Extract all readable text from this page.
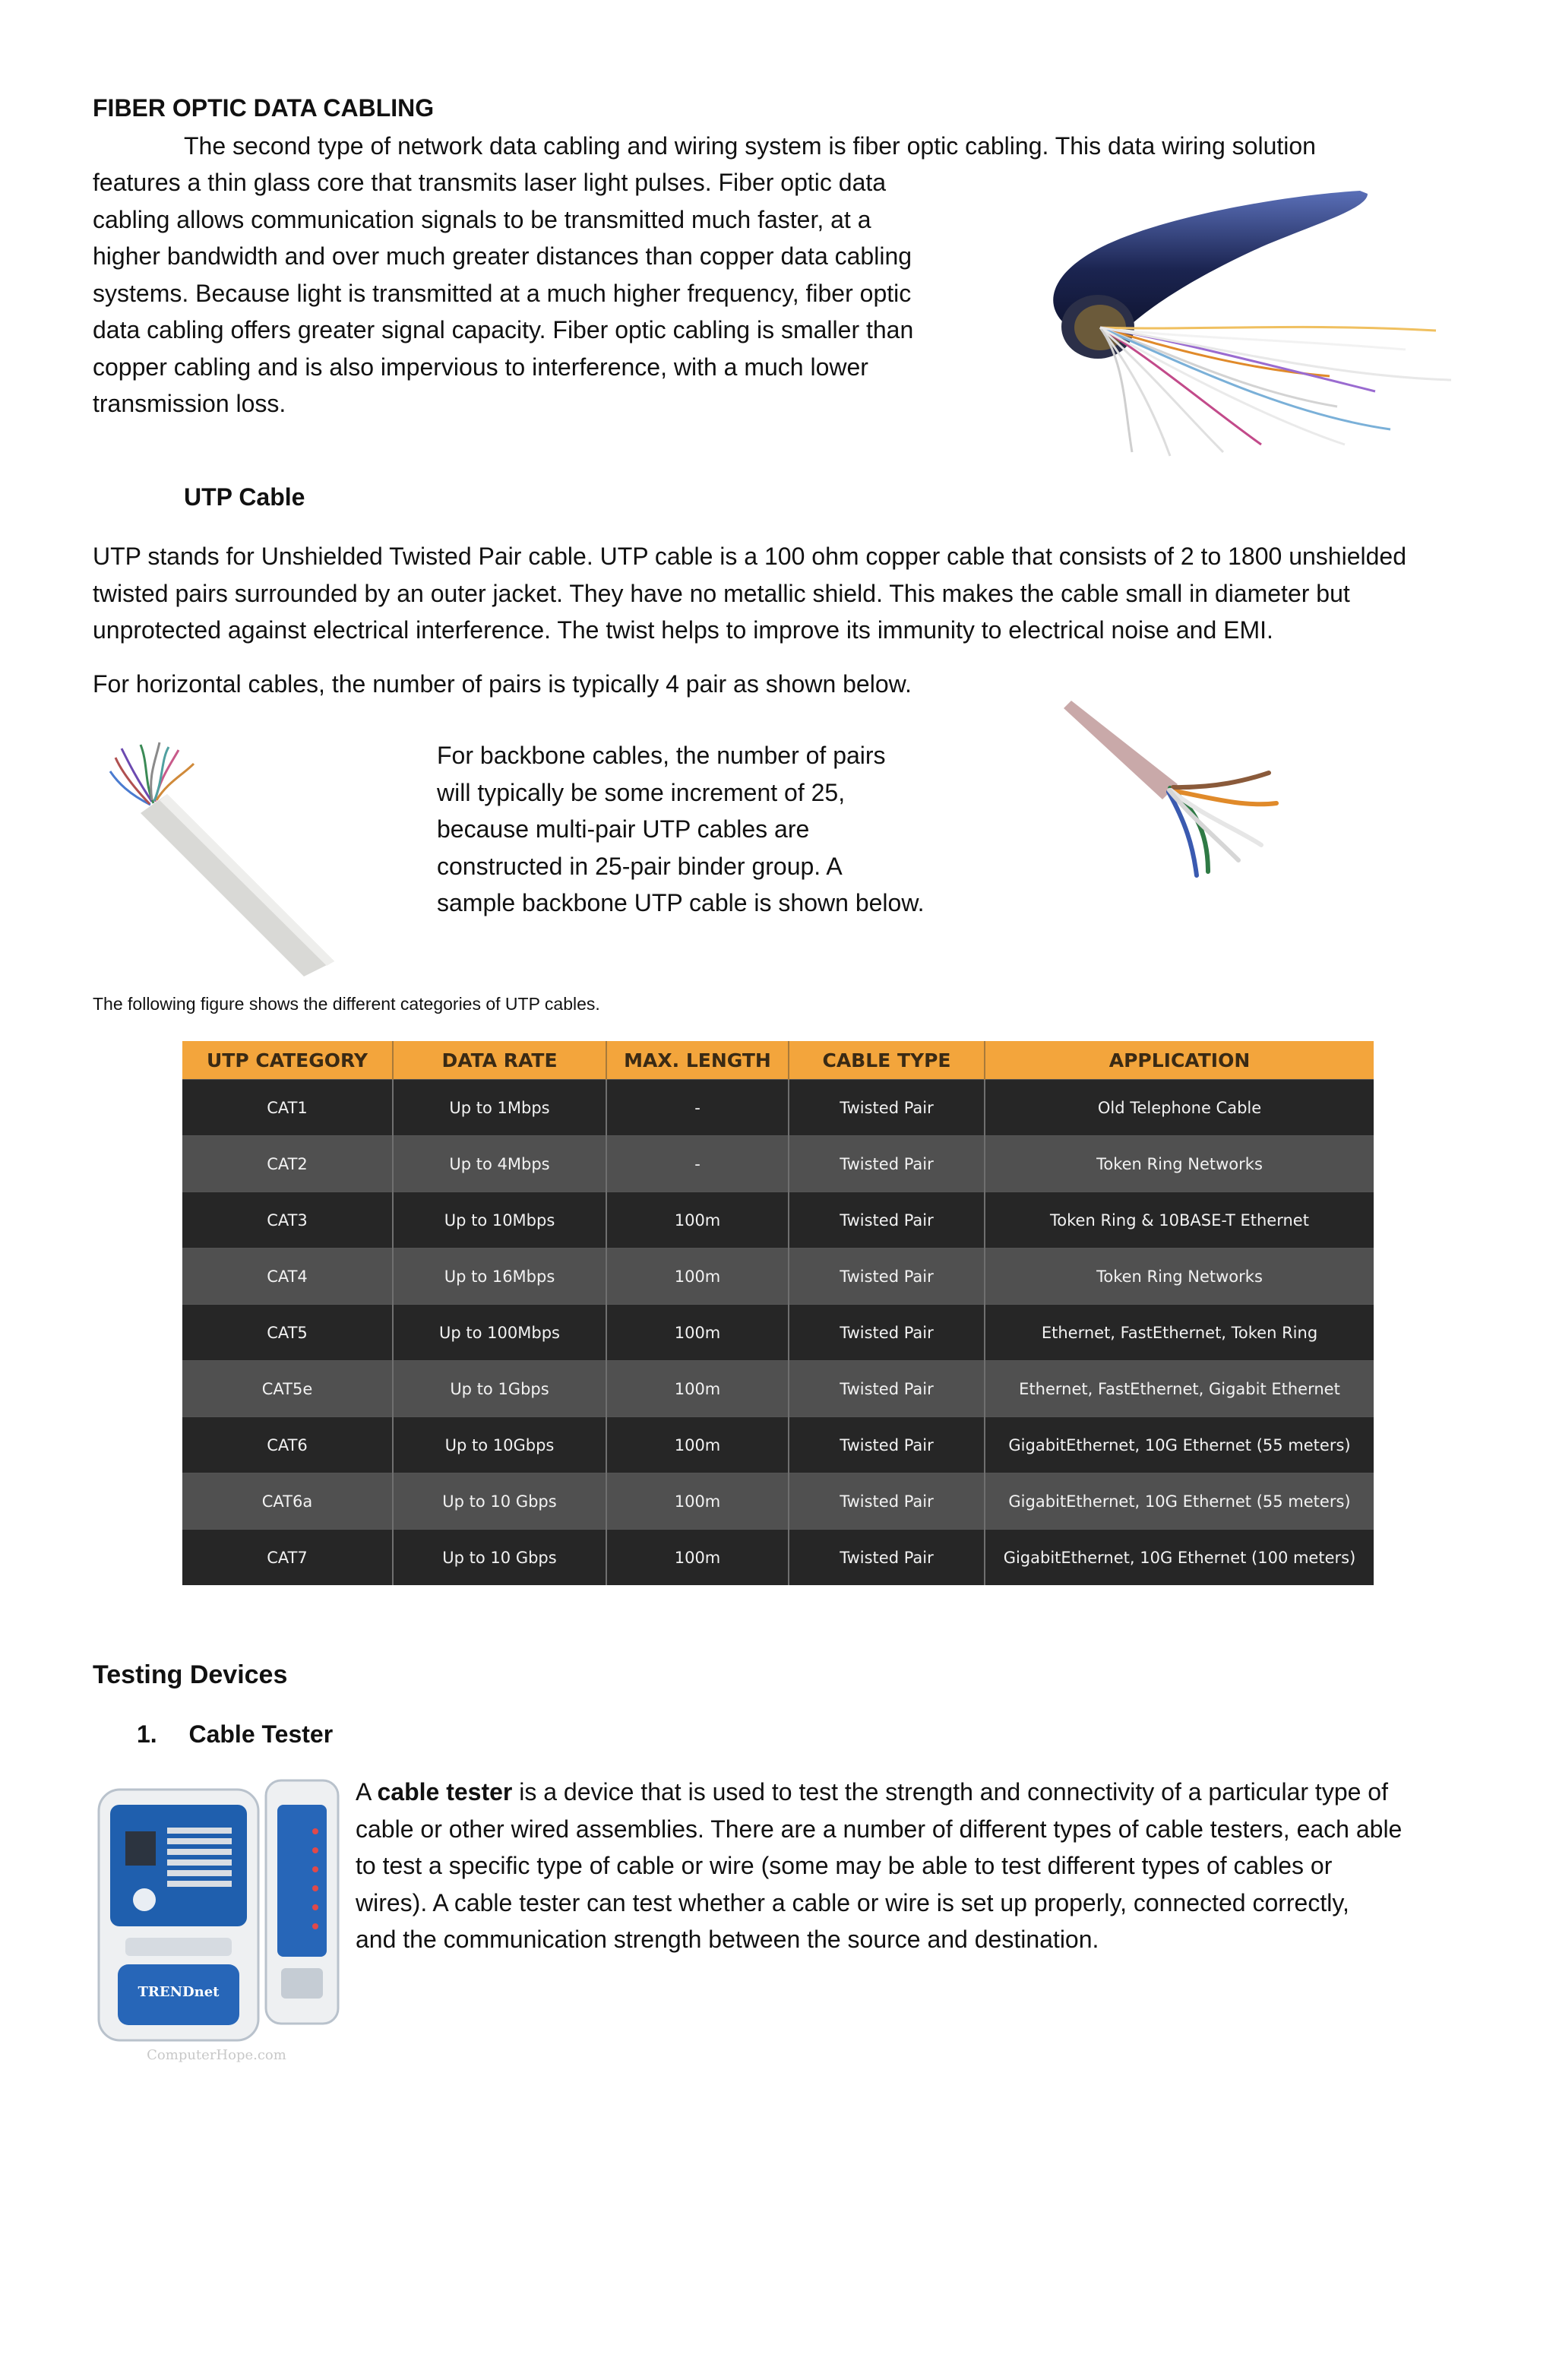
FIBER OPTIC DATA CABLING
The second type of network data cabling and wiring system is fiber optic cabling. This data wiring solution
features a thin glass core that transmits laser light pulses. Fiber optic data
cabling allows communication signals to be transmitted much faster, at a
higher bandwidth and over much greater distances than copper data cabling
systems. Because light is transmitted at a much higher frequency, fiber optic
data cabling offers greater signal capacity. Fiber optic cabling is smaller than
copper cabling and is also impervious to interference, with a much lower
transmission loss.
UTP Cable
UTP stands for Unshielded Twisted Pair cable. UTP cable is a 100 ohm copper cable that consists of 2 to 1800 unshielded
twisted pairs surrounded by an outer jacket. They have no metallic shield. This makes the cable small in diameter but
unprotected against electrical interference. The twist helps to improve its immunity to electrical noise and EMI.
For horizontal cables, the number of pairs is typically 4 pair as shown below.
For backbone cables, the number of pairs
will typically be some increment of 25,
because multi-pair UTP cables are
constructed in 25-pair binder group. A
sample backbone UTP cable is shown below.
The following figure shows the different categories of UTP cables.
UTP CATEGORY	DATA RATE	MAX. LENGTH	CABLE TYPE	APPLICATION
CAT1	Up to 1Mbps	-	Twisted Pair	Old Telephone Cable
CAT2	Up to 4Mbps	-	Twisted Pair	Token Ring Networks
CAT3	Up to 10Mbps	100m	Twisted Pair	Token Ring & 10BASE-T Ethernet
CAT4	Up to 16Mbps	100m	Twisted Pair	Token Ring Networks
CAT5	Up to 100Mbps	100m	Twisted Pair	Ethernet, FastEthernet, Token Ring
CAT5e	Up to 1Gbps	100m	Twisted Pair	Ethernet, FastEthernet, Gigabit Ethernet
CAT6	Up to 10Gbps	100m	Twisted Pair	GigabitEthernet, 10G Ethernet (55 meters)
CAT6a	Up to 10 Gbps	100m	Twisted Pair	GigabitEthernet, 10G Ethernet (55 meters)
CAT7	Up to 10 Gbps	100m	Twisted Pair	GigabitEthernet, 10G Ethernet (100 meters)
Testing Devices
1. Cable Tester
TRENDnet
ComputerHope.com
A cable tester is a device that is used to test the strength and connectivity of a particular type of
cable or other wired assemblies. There are a number of different types of cable testers, each able
to test a specific type of cable or wire (some may be able to test different types of cables or
wires). A cable tester can test whether a cable or wire is set up properly, connected correctly,
and the communication strength between the source and destination.
